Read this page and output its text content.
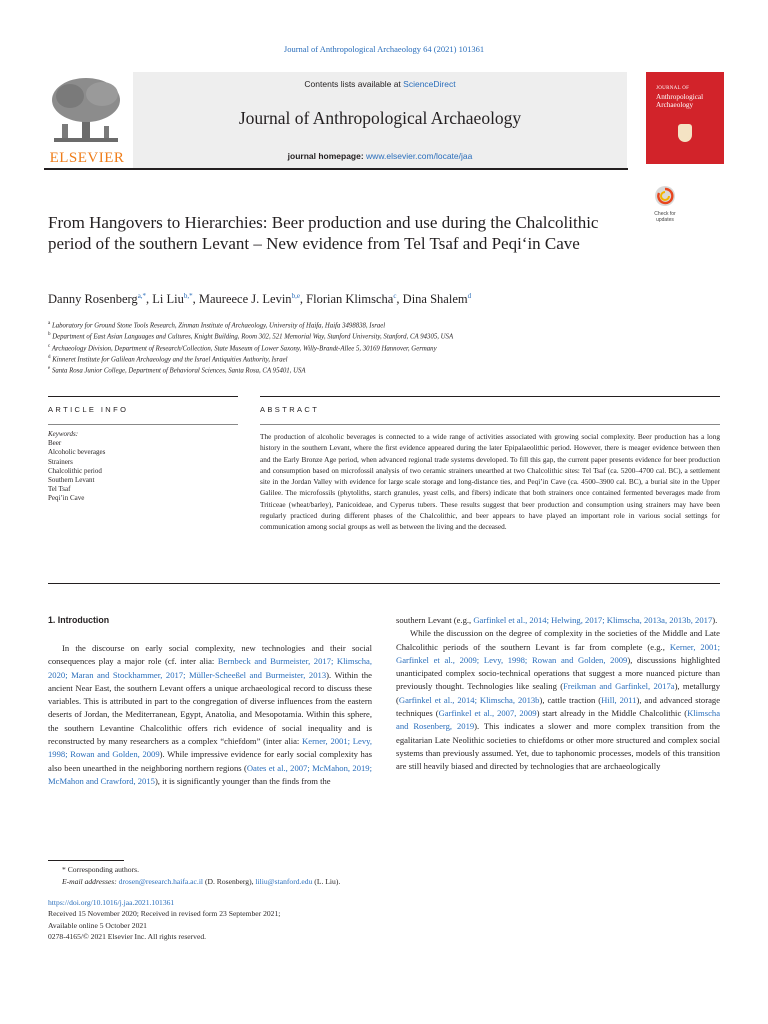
Journal of Anthropological Archaeology 64 (2021) 101361
ELSEVIER
Contents lists available at ScienceDirect
Journal of Anthropological Archaeology
journal homepage: www.elsevier.com/locate/jaa
JOURNAL OF
Anthropological Archaeology
Check for updates
From Hangovers to Hierarchies: Beer production and use during the Chalcolithic period of the southern Levant – New evidence from Tel Tsaf and Peqi‘in Cave
Danny Rosenberg$^{a,*}$, Li Liu$^{b,*}$, Maureece J. Levin$^{b,e}$, Florian Klimscha$^c$, Dina Shalem$^d$
$^a$ Laboratory for Ground Stone Tools Research, Zinman Institute of Archaeology, University of Haifa, Haifa 3498838, Israel
$^b$ Department of East Asian Languages and Cultures, Knight Building, Room 302, 521 Memorial Way, Stanford University, Stanford, CA 94305, USA
$^c$ Archaeology Division, Department of Research/Collection, State Museum of Lower Saxony, Willy-Brandt-Allee 5, 30169 Hannover, Germany
$^d$ Kinneret Institute for Galilean Archaeology and the Israel Antiquities Authority, Israel
$^e$ Santa Rosa Junior College, Department of Behavioral Sciences, Santa Rosa, CA 95401, USA
ARTICLE INFO	ABSTRACT
Keywords:
Beer
Alcoholic beverages
Strainers
Chalcolithic period
Southern Levant
Tel Tsaf
Peqi’in Cave
The production of alcoholic beverages is connected to a wide range of activities associated with growing social complexity. Beer production has a long history in the southern Levant, where the first evidence appeared during the later Epipalaeolithic period. However, there is meager evidence between then and the Early Bronze Age period, when advanced regional trade systems developed. To fill this gap, the current paper presents evidence for beer production and consumption based on microfossil analysis of two ceramic strainers unearthed at two Chalcolithic sites: Tel Tsaf (ca. 5200–4700 cal. BC), a settlement site in the Jordan Valley with evidence for large scale storage and long-distance ties, and Peqi’in Cave (ca. 4500–3900 cal. BC), a burial site in the Upper Galilee. The microfossils (phytoliths, starch granules, yeast cells, and fibers) indicate that both strainers once contained fermented beverages made from Triticeae (wheat/barley), Panicoideae, and Cyperus tubers. These results suggest that beer production and consumption using strainers may have been regularly practiced during different phases of the Chalcolithic, and beer appears to have played an important role in various social settings for communication among social groups as well as between the living and the deceased.
1. Introduction

In the discourse on early social complexity, new technologies and their social consequences play a major role (cf. inter alia: Bernbeck and Burmeister, 2017; Klimscha, 2020; Maran and Stockhammer, 2017; Müller-Scheeßel and Burmeister, 2013). Within the ancient Near East, the southern Levant offers a unique archaeological record to discuss these variables. This is attributed in part to the congregation of diverse influences from the eastern deserts of Jordan, the Mediterranean, Egypt, Anatolia, and Mesopotamia. Within this sphere, the southern Levantine Chalcolithic offers rich evidence of social inequality and is reconstructed by many researchers as a complex “chiefdom” (inter alia: Kerner, 2001; Levy, 1998; Rowan and Golden, 2009). While impressive evidence for early social complexity has also been unearthed in the neighboring northern regions (Oates et al., 2007; McMahon, 2019; McMahon and Crawford, 2015), it is significantly younger than the finds from the

southern Levant (e.g., Garfinkel et al., 2014; Helwing, 2017; Klimscha, 2013a, 2013b, 2017).

While the discussion on the degree of complexity in the societies of the Middle and Late Chalcolithic periods of the southern Levant is far from complete (e.g., Kerner, 2001; Garfinkel et al., 2009; Levy, 1998; Rowan and Golden, 2009), discussions highlighted unanticipated complex socio-technical operations that suggest a more nuanced picture than previously thought. Technologies like sealing (Freikman and Garfinkel, 2017a), metallurgy (Garfinkel et al., 2014; Klimscha, 2013b), cattle traction (Hill, 2011), and advanced storage techniques (Garfinkel et al., 2007, 2009) start already in the Middle Chalcolithic (Klimscha and Rosenberg, 2019). This indicates a slower and more complex transition from the egalitarian Late Neolithic societies to chiefdoms or other more structured and complex social systems than previously assumed. Yet, due to taphonomic processes, models of this transition are still heavily biased and directed by technologies that are archaeologically

* Corresponding authors.
E-mail addresses: drosen@research.haifa.ac.il (D. Rosenberg), liliu@stanford.edu (L. Liu).
https://doi.org/10.1016/j.jaa.2021.101361
Received 15 November 2020; Received in revised form 23 September 2021;
Available online 5 October 2021
0278-4165/© 2021 Elsevier Inc. All rights reserved.
